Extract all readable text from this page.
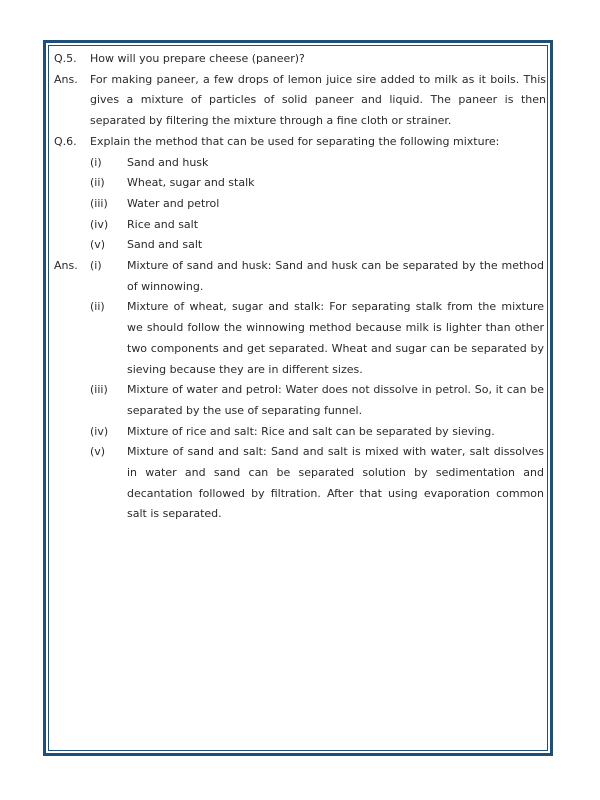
Q.5.	How will you prepare cheese (paneer)?
Ans.	For making paneer, a few drops of lemon juice sire added to milk as it boils. This gives a mixture of particles of solid paneer and liquid. The paneer is then separated by filtering the mixture through a fine cloth or strainer.
Q.6.	Explain the method that can be used for separating the following mixture:
(i)	Sand and husk
(ii)	Wheat, sugar and stalk
(iii)	Water and petrol
(iv)	Rice and salt
(v)	Sand and salt
Ans.	(i)	Mixture of sand and husk: Sand and husk can be separated by the method of winnowing.
(ii)	Mixture of wheat, sugar and stalk: For separating stalk from the mixture we should follow the winnowing method because milk is lighter than other two components and get separated. Wheat and sugar can be separated by sieving because they are in different sizes.
(iii)	Mixture of water and petrol: Water does not dissolve in petrol. So, it can be separated by the use of separating funnel.
(iv)	Mixture of rice and salt: Rice and salt can be separated by sieving.
(v)	Mixture of sand and salt: Sand and salt is mixed with water, salt dissolves in water and sand can be separated solution by sedimentation and decantation followed by filtration. After that using evaporation common salt is separated.
